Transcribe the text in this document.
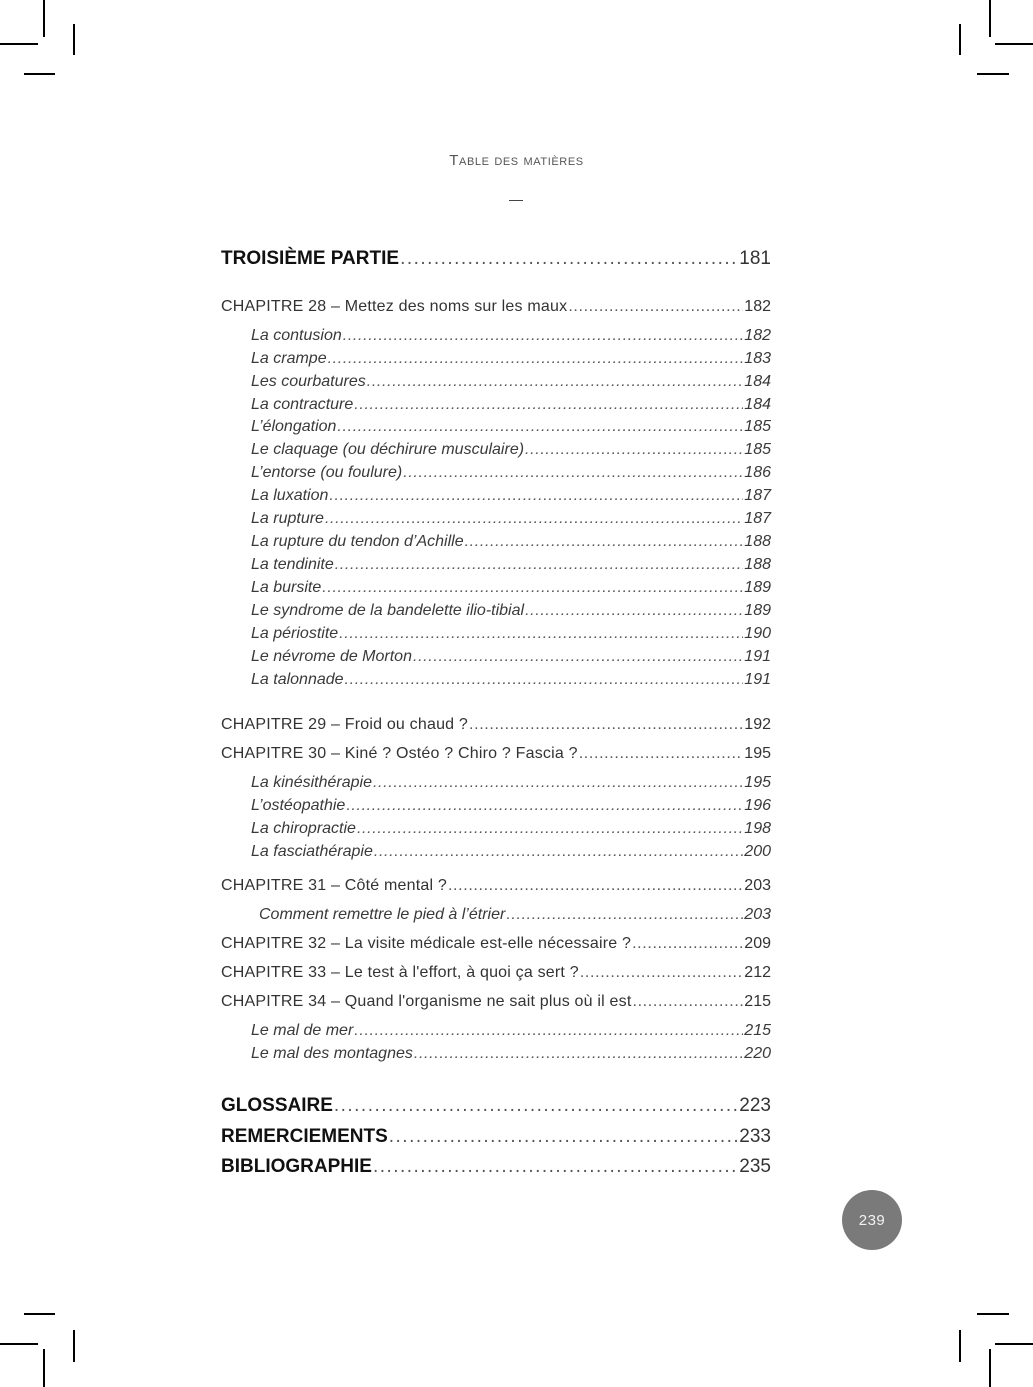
Table des matières
TROISIÈME PARTIE . . .	181
CHAPITRE 28 – Mettez des noms sur les maux . . .	182
La contusion . . .	182
La crampe . . .	183
Les courbatures . . .	184
La contracture . . .	184
L’élongation . . .	185
Le claquage (ou déchirure musculaire) . . .	185
L’entorse (ou foulure) . . .	186
La luxation . . .	187
La rupture . . .	187
La rupture du tendon d’Achille . . .	188
La tendinite . . .	188
La bursite . . .	189
Le syndrome de la bandelette ilio-tibial . . .	189
La périostite . . .	190
Le névrome de Morton . . .	191
La talonnade . . .	191
CHAPITRE 29 – Froid ou chaud ? . . .	192
CHAPITRE 30 – Kiné ? Ostéo ? Chiro ? Fascia ? . . .	195
La kinésithérapie . . .	195
L’ostéopathie . . .	196
La chiropractie . . .	198
La fasciathérapie . . .	200
CHAPITRE 31 – Côté mental ? . . .	203
Comment remettre le pied à l’étrier . . .	203
CHAPITRE 32 – La visite médicale est-elle nécessaire ? . . .	209
CHAPITRE 33 – Le test à l'effort, à quoi ça sert ? . . .	212
CHAPITRE 34 – Quand l'organisme ne sait plus où il est . . .	215
Le mal de mer . . .	215
Le mal des montagnes . . .	220
GLOSSAIRE . . .	223
REMERCIEMENTS . . .	233
BIBLIOGRAPHIE . . .	235
239
